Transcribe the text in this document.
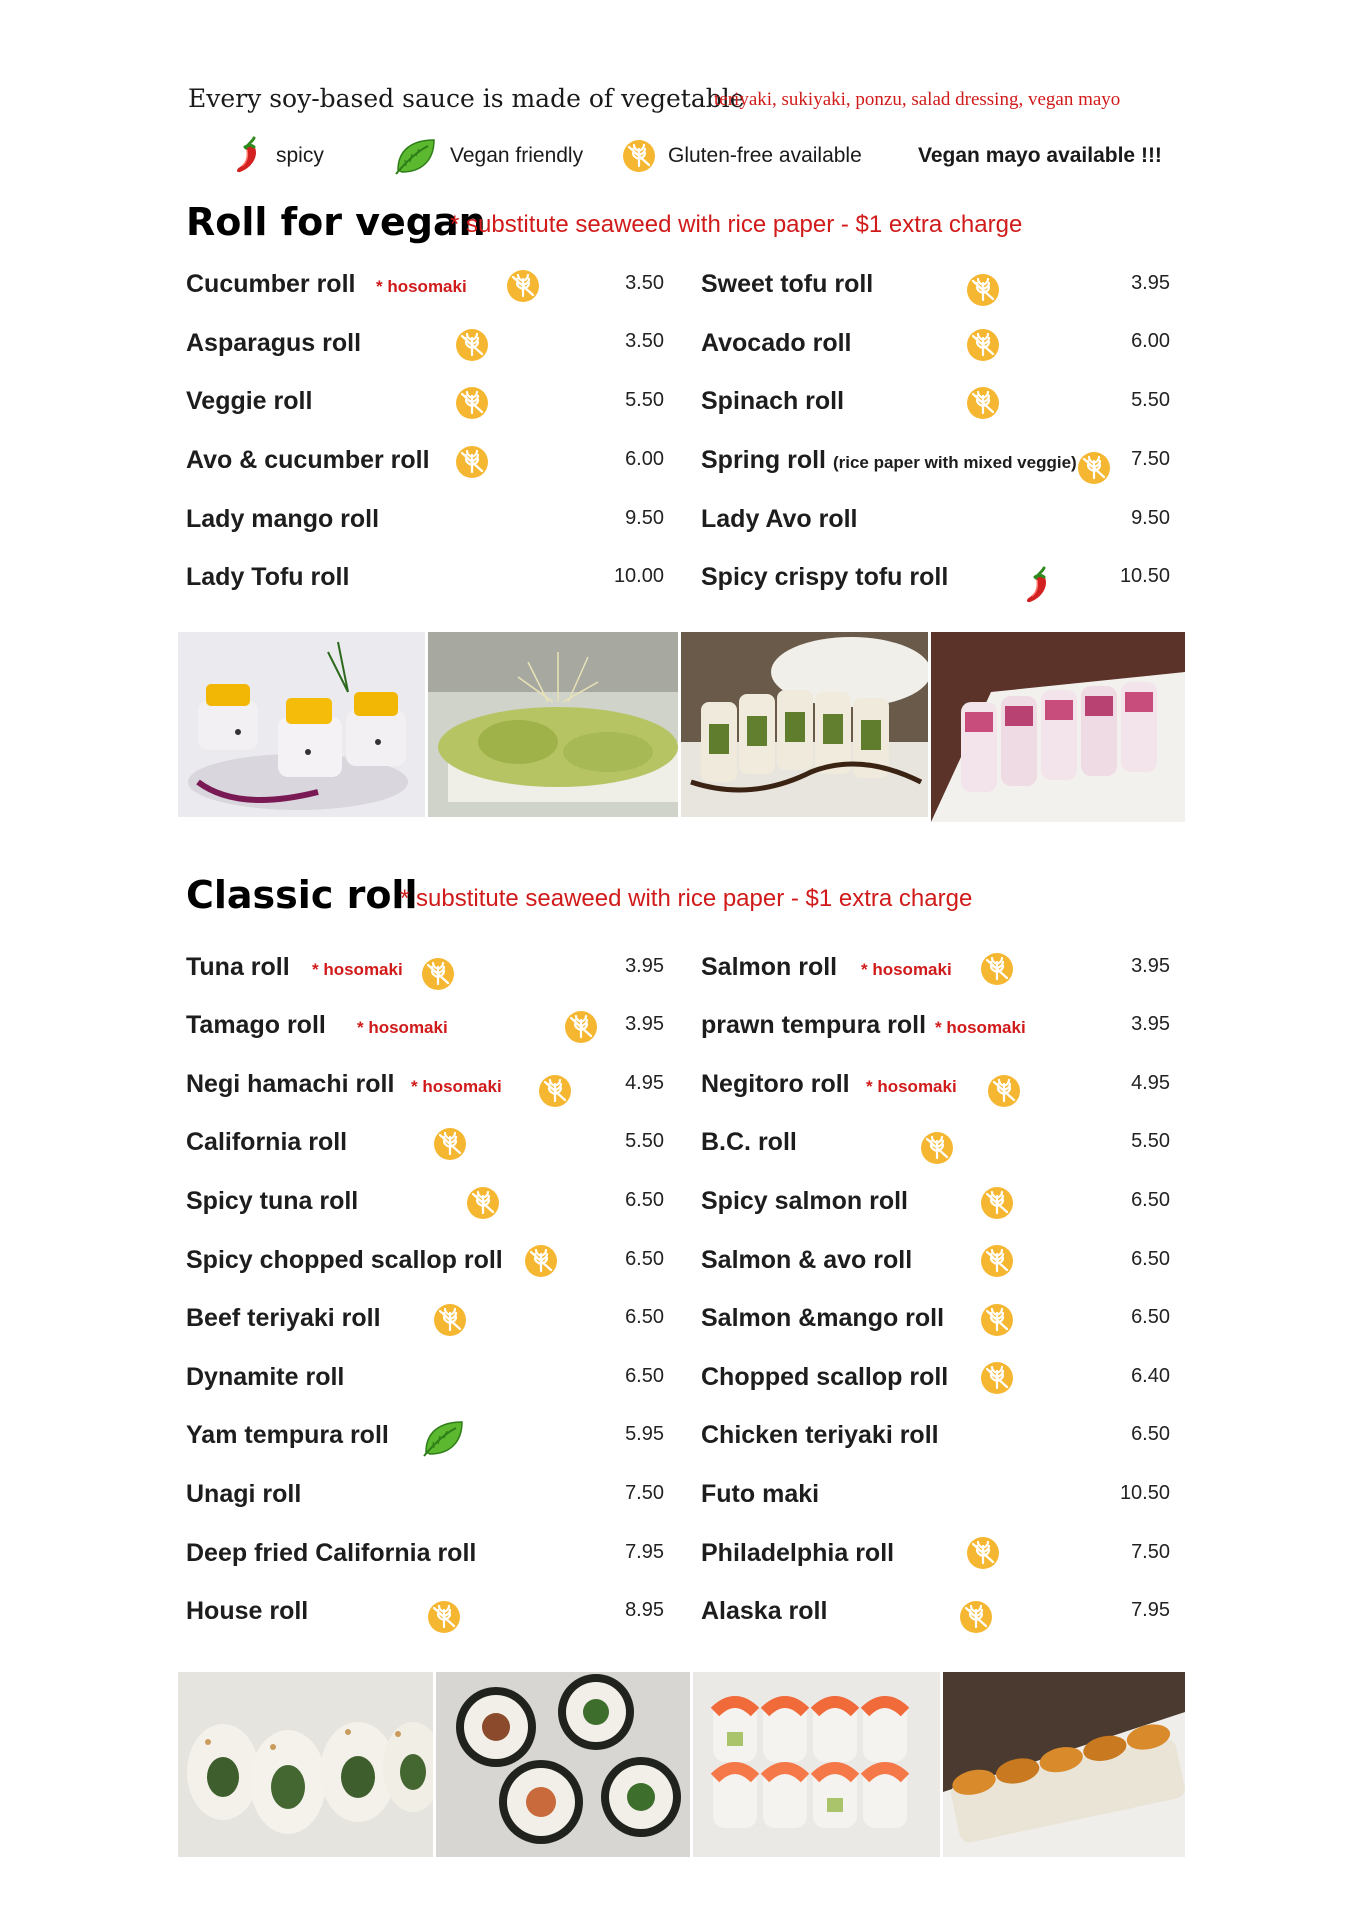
Every soy-based sauce is made of vegetable
teriyaki, sukiyaki, ponzu, salad dressing, vegan mayo
spicy	Vegan friendly	Gluten-free available	Vegan mayo available !!!
Roll for vegan
* substitute seaweed with rice paper - $1 extra charge
Cucumber roll * hosomaki	3.50
Asparagus roll	3.50
Veggie roll	5.50
Avo & cucumber roll	6.00
Lady mango roll	9.50
Lady Tofu roll	10.00
Sweet tofu roll	3.95
Avocado roll	6.00
Spinach roll	5.50
Spring roll (rice paper with mixed veggie)	7.50
Lady Avo roll	9.50
Spicy crispy tofu roll	10.50
Classic roll
* substitute seaweed with rice paper - $1 extra charge
Tuna roll * hosomaki	3.95
Tamago roll * hosomaki	3.95
Negi hamachi roll * hosomaki	4.95
California roll	5.50
Spicy tuna roll	6.50
Spicy chopped scallop roll	6.50
Beef teriyaki roll	6.50
Dynamite roll	6.50
Yam tempura roll	5.95
Unagi roll	7.50
Deep fried California roll	7.95
House roll	8.95
Salmon roll * hosomaki	3.95
prawn tempura roll * hosomaki	3.95
Negitoro roll * hosomaki	4.95
B.C. roll	5.50
Spicy salmon roll	6.50
Salmon & avo roll	6.50
Salmon &mango roll	6.50
Chopped scallop roll	6.40
Chicken teriyaki roll	6.50
Futo maki	10.50
Philadelphia roll	7.50
Alaska roll	7.95
